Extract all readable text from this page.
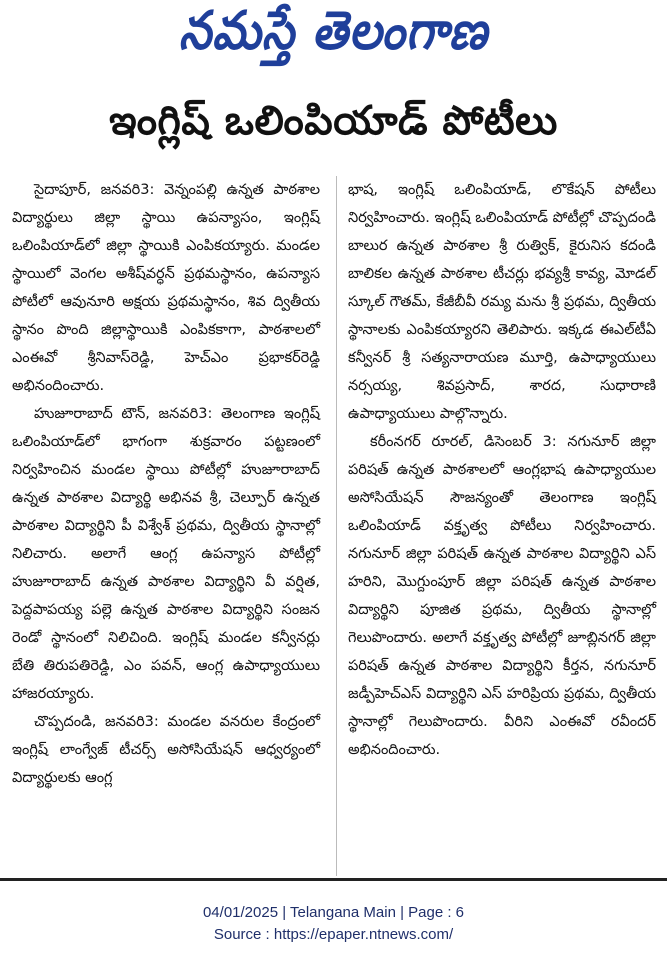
నమస్తే తెలంగాణ
ఇంగ్లిష్ ఒలింపియాడ్ పోటీలు

సైదాపూర్, జనవరి3: వెన్నంపల్లి ఉన్నత పాఠశాల విద్యార్థులు జిల్లా స్థాయి ఉపన్యాసం, ఇంగ్లిష్ ఒలింపియాడ్‌లో జిల్లా స్థాయికి ఎంపికయ్యారు. మండల స్థాయిలో వెంగల అశీష్‌వర్ధన్ ప్రథమస్థానం, ఉపన్యాస పోటీలో ఆవునూరి అక్షయ ప్రథమస్థానం, శివ ద్వితీయ స్థానం పొంది జిల్లాస్థాయికి ఎంపికకాగా, పాఠశాలలో ఎంఈవో శ్రీనివాస్‌రెడ్డి, హెచ్‌ఎం ప్రభాకర్‌రెడ్డి అభినందించారు.

హుజూరాబాద్ టౌన్, జనవరి3: తెలంగాణ ఇంగ్లిష్ ఒలింపియాడ్‌లో భాగంగా శుక్రవారం పట్టణంలో నిర్వహించిన మండల స్థాయి పోటీల్లో హుజూరాబాద్ ఉన్నత పాఠశాల విద్యార్థి అభినవ శ్రీ, చెల్పూర్ ఉన్నత పాఠశాల విద్యార్థిని పీ విశ్వేశ్ ప్రథమ, ద్వితీయ స్థానాల్లో నిలిచారు. అలాగే ఆంగ్ల ఉపన్యాస పోటీల్లో హుజూరాబాద్ ఉన్నత పాఠశాల విద్యార్థిని వీ వర్షిత, పెద్దపాపయ్య పల్లె ఉన్నత పాఠశాల విద్యార్థిని సంజన రెండో స్థానంలో నిలిచింది. ఇంగ్లిష్ మండల కన్వీనర్లు బేతి తిరుపతిరెడ్డి, ఎం పవన్, ఆంగ్ల ఉపాధ్యాయులు హాజరయ్యారు.

చొప్పదండి, జనవరి3: మండల వనరుల కేంద్రంలో ఇంగ్లిష్ లాంగ్వేజ్ టీచర్స్ అసోసియేషన్ ఆధ్వర్యంలో విద్యార్థులకు ఆంగ్ల

భాష, ఇంగ్లిష్ ఒలింపియాడ్, లొకేషన్ పోటీలు నిర్వహించారు. ఇంగ్లిష్ ఒలింపియాడ్ పోటీల్లో చొప్పదండి బాలుర ఉన్నత పాఠశాల శ్రీ రుత్విక్, కైరునిస కదండి బాలికల ఉన్నత పాఠశాల టీచర్లు భవ్యశ్రీ కావ్య, మోడల్ స్కూల్ గౌతమ్, కేజీబీవీ రమ్య మను శ్రీ ప్రథమ, ద్వితీయ స్థానాలకు ఎంపికయ్యారని తెలిపారు. ఇక్కడ ఈఎల్‌టీఏ కన్వీనర్ శ్రీ సత్యనారాయణ మూర్తి, ఉపాధ్యాయులు నర్సయ్య, శివప్రసాద్, శారద, సుధారాణి ఉపాధ్యాయులు పాల్గొన్నారు.

కరీంనగర్ రూరల్, డిసెంబర్ 3: నగునూర్ జిల్లా పరిషత్ ఉన్నత పాఠశాలలో ఆంగ్లభాష ఉపాధ్యాయుల అసోసియేషన్ సౌజన్యంతో తెలంగాణ ఇంగ్లిష్ ఒలింపియాడ్ వక్తృత్వ పోటీలు నిర్వహించారు. నగునూర్ జిల్లా పరిషత్ ఉన్నత పాఠశాల విద్యార్థిని ఎస్ హరిని, మొగ్దుంపూర్ జిల్లా పరిషత్ ఉన్నత పాఠశాల విద్యార్థిని పూజిత ప్రథమ, ద్వితీయ స్థానాల్లో గెలుపొందారు. అలాగే వక్తృత్వ పోటీల్లో జూబ్లినగర్ జిల్లా పరిషత్ ఉన్నత పాఠశాల విద్యార్థిని కీర్తన, నగునూర్ జడ్పీహెచ్‌ఎస్ విద్యార్థిని ఎస్ హరిప్రియ ప్రథమ, ద్వితీయ స్థానాల్లో గెలుపొందారు. వీరిని ఎంఈవో రవీందర్ అభినందించారు.

04/01/2025 | Telangana Main | Page : 6
Source : https://epaper.ntnews.com/
